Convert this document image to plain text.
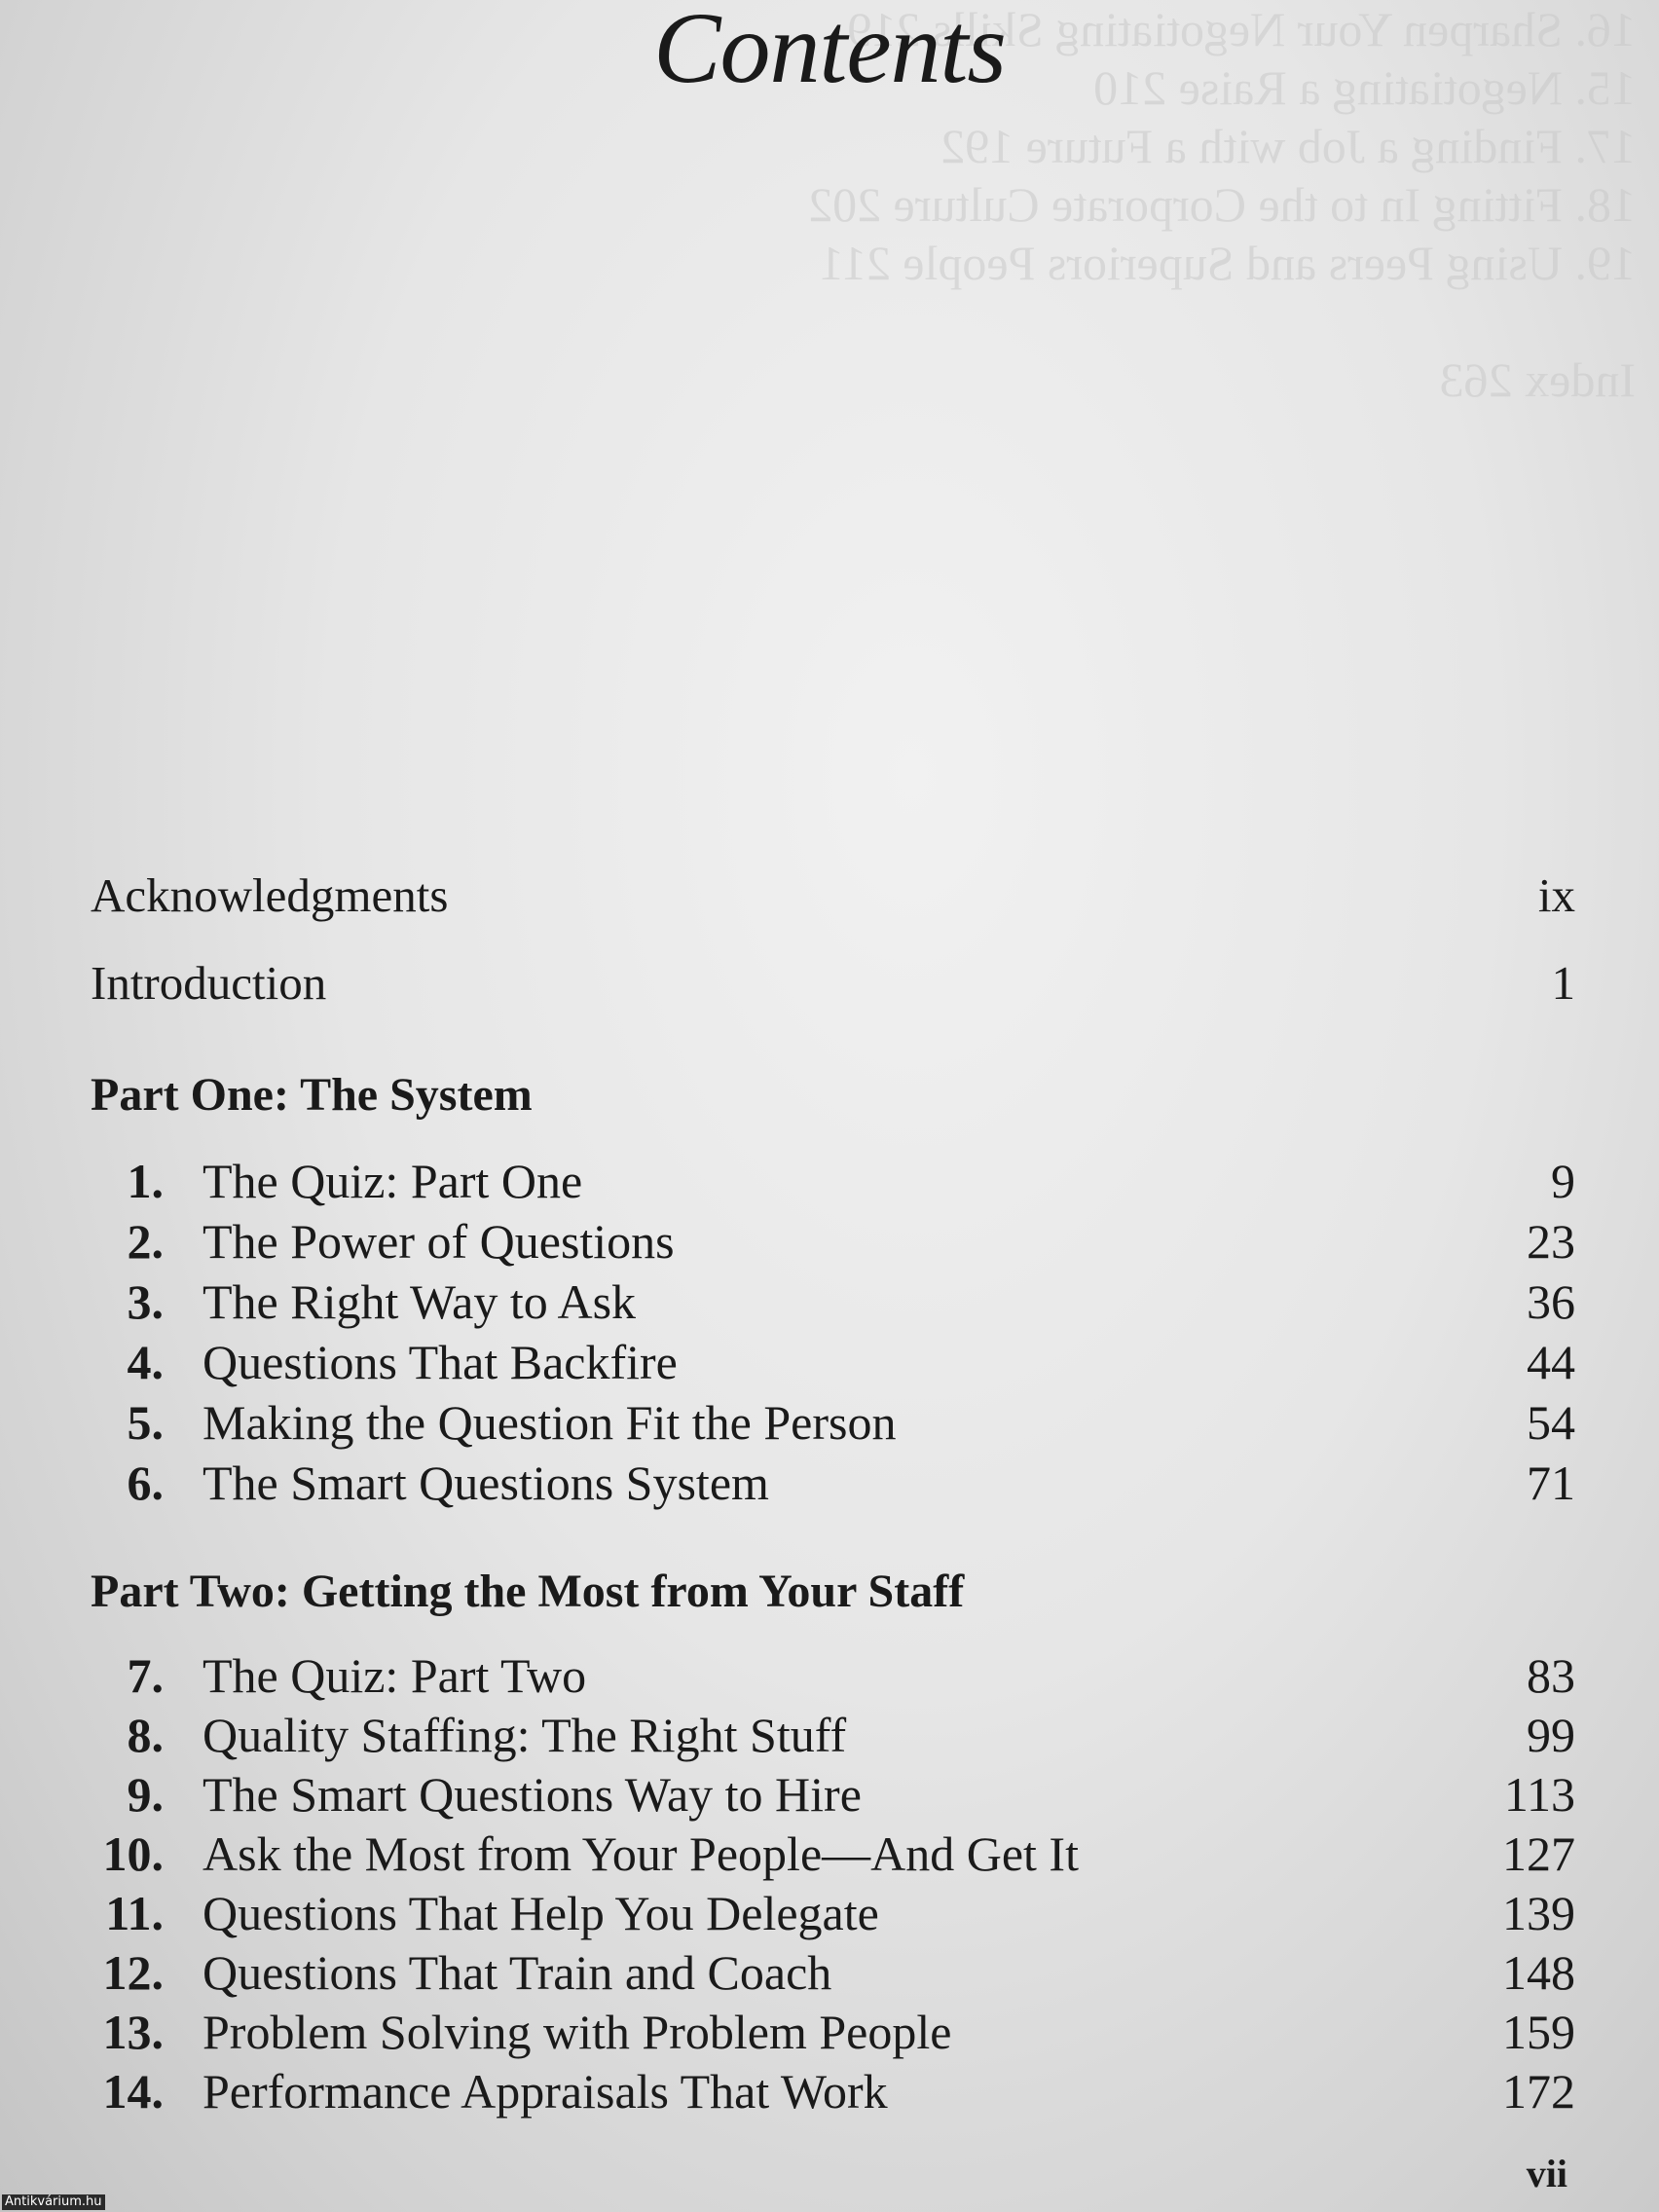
16. Sharpen Your Negotiating Skills 219
15. Negotiating a Raise 210
17. Finding a Job with a Future 192
18. Fitting In to the Corporate Culture 202
19. Using Peers and Superiors People 211

Index 263
Contents
Acknowledgments	ix
Introduction	1
Part One: The System
1. The Quiz: Part One	9
2. The Power of Questions	23
3. The Right Way to Ask	36
4. Questions That Backfire	44
5. Making the Question Fit the Person	54
6. The Smart Questions System	71
Part Two: Getting the Most from Your Staff
7. The Quiz: Part Two	83
8. Quality Staffing: The Right Stuff	99
9. The Smart Questions Way to Hire	113
10. Ask the Most from Your People—And Get It	127
11. Questions That Help You Delegate	139
12. Questions That Train and Coach	148
13. Problem Solving with Problem People	159
14. Performance Appraisals That Work	172
vii
Antikvárium.hu
